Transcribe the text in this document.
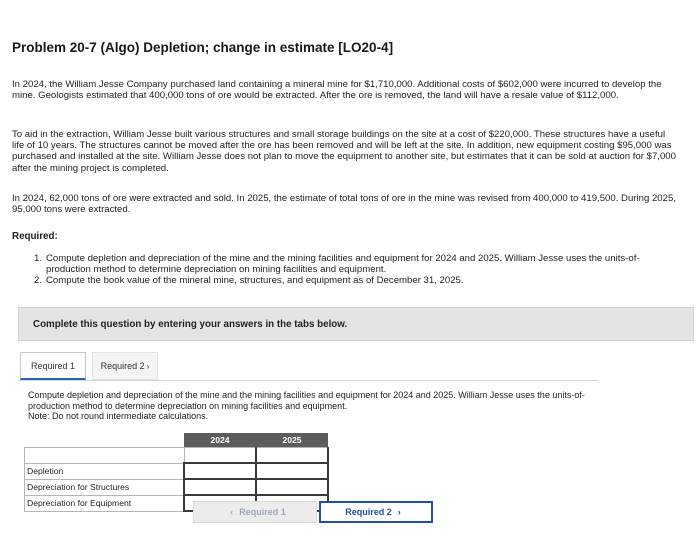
Problem 20-7 (Algo) Depletion; change in estimate [LO20-4]

In 2024, the William Jesse Company purchased land containing a mineral mine for $1,710,000. Additional costs of $602,000 were incurred to develop the mine. Geologists estimated that 400,000 tons of ore would be extracted. After the ore is removed, the land will have a resale value of $112,000.

To aid in the extraction, William Jesse built various structures and small storage buildings on the site at a cost of $220,000. These structures have a useful life of 10 years. The structures cannot be moved after the ore has been removed and will be left at the site. In addition, new equipment costing $95,000 was purchased and installed at the site. William Jesse does not plan to move the equipment to another site, but estimates that it can be sold at auction for $7,000 after the mining project is completed.

In 2024, 62,000 tons of ore were extracted and sold. In 2025, the estimate of total tons of ore in the mine was revised from 400,000 to 419,500. During 2025, 95,000 tons were extracted.

Required:

1. Compute depletion and depreciation of the mine and the mining facilities and equipment for 2024 and 2025. William Jesse uses the units-of-production method to determine depreciation on mining facilities and equipment.
2. Compute the book value of the mineral mine, structures, and equipment as of December 31, 2025.
Complete this question by entering your answers in the tabs below.
Required 1	Required 2 ›

Compute depletion and depreciation of the mine and the mining facilities and equipment for 2024 and 2025. William Jesse uses the units-of-production method to determine depreciation on mining facilities and equipment.
Note: Do not round intermediate calculations.

	2024	2025

Depletion		
Depreciation for Structures		
Depreciation for Equipment		
‹ Required 1	Required 2 ›
